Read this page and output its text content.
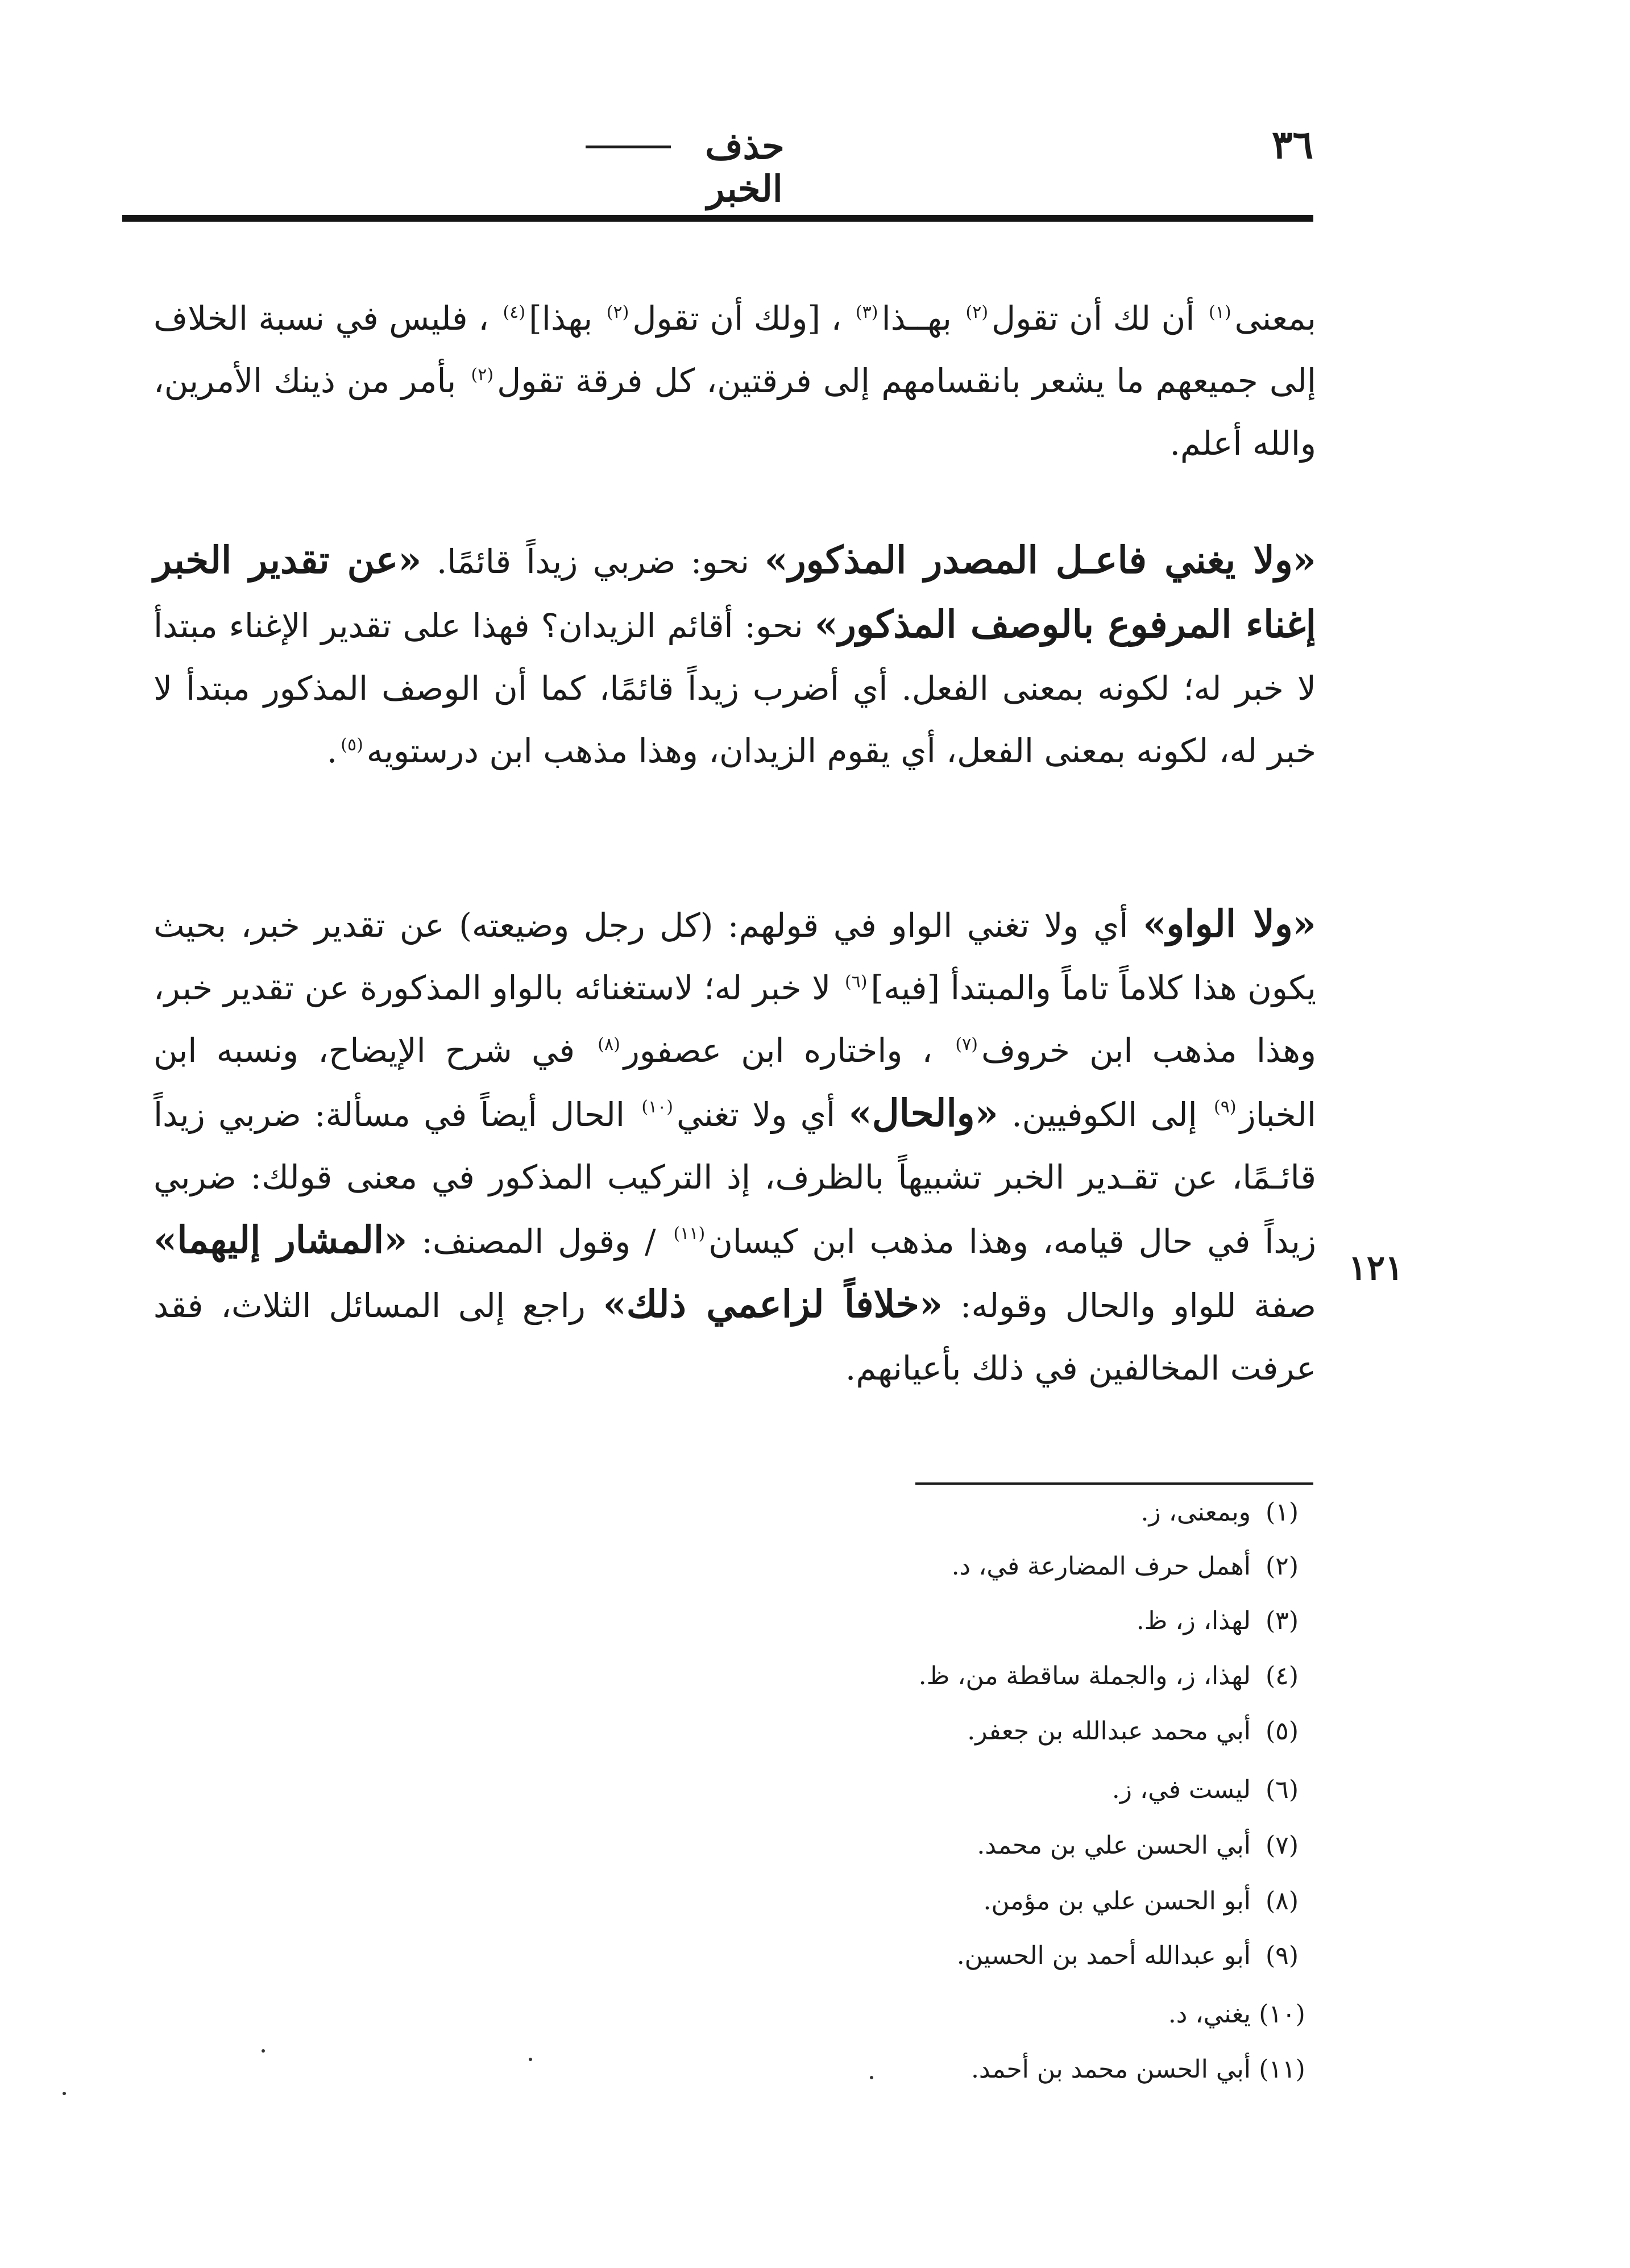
٣٦
حذف الخبر
بمعنى$^{(١)}$ أن لك أن تقول$^{(٢)}$ بهــذا$^{(٣)}$ ، [ولك أن تقول$^{(٢)}$ بهذا]$^{(٤)}$ ، فليس في نسبة الخلاف إلى جميعهم ما يشعر بانقسامهم إلى فرقتين، كل فرقة تقول$^{(٢)}$ بأمر من ذينك الأمرين، والله أعلم.
«ولا يغني فاعـل المصدر المذكور» نحو: ضربي زيداً قائمًا. «عن تقدير الخبر إغناء المرفوع بالوصف المذكور» نحو: أقائم الزيدان؟ فهذا على تقدير الإغناء مبتدأ لا خبر له؛ لكونه بمعنى الفعل. أي أضرب زيداً قائمًا، كما أن الوصف المذكور مبتدأ لا خبر له، لكونه بمعنى الفعل، أي يقوم الزيدان، وهذا مذهب ابن درستويه$^{(٥)}$.
«ولا الواو» أي ولا تغني الواو في قولهم: (كل رجل وضيعته) عن تقدير خبر، بحيث يكون هذا كلاماً تاماً والمبتدأ [فيه]$^{(٦)}$ لا خبر له؛ لاستغنائه بالواو المذكورة عن تقدير خبر، وهذا مذهب ابن خروف$^{(٧)}$ ، واختاره ابن عصفور$^{(٨)}$ في شرح الإيضاح، ونسبه ابن الخباز$^{(٩)}$ إلى الكوفيين. «والحال» أي ولا تغني$^{(١٠)}$ الحال أيضاً في مسألة: ضربي زيداً قائـمًا، عن تقـدير الخبر تشبيهاً بالظرف، إذ التركيب المذكور في معنى قولك: ضربي زيداً في حال قيامه، وهذا مذهب ابن كيسان$^{(١١)}$ / وقول المصنف: «المشار إليهما» صفة للواو والحال وقوله: «خلافاً لزاعمي ذلك» راجع إلى المسائل الثلاث، فقد عرفت المخالفين في ذلك بأعيانهم.
١٢١
(١)وبمعنى، ز.
(٢)أهمل حرف المضارعة في، د.
(٣)لهذا، ز، ظ.
(٤)لهذا، ز، والجملة ساقطة من، ظ.
(٥)أبي محمد عبدالله بن جعفر.
(٦)ليست في، ز.
(٧)أبي الحسن علي بن محمد.
(٨)أبو الحسن علي بن مؤمن.
(٩)أبو عبدالله أحمد بن الحسين.
(١٠)يغني، د.
(١١)أبي الحسن محمد بن أحمد.
